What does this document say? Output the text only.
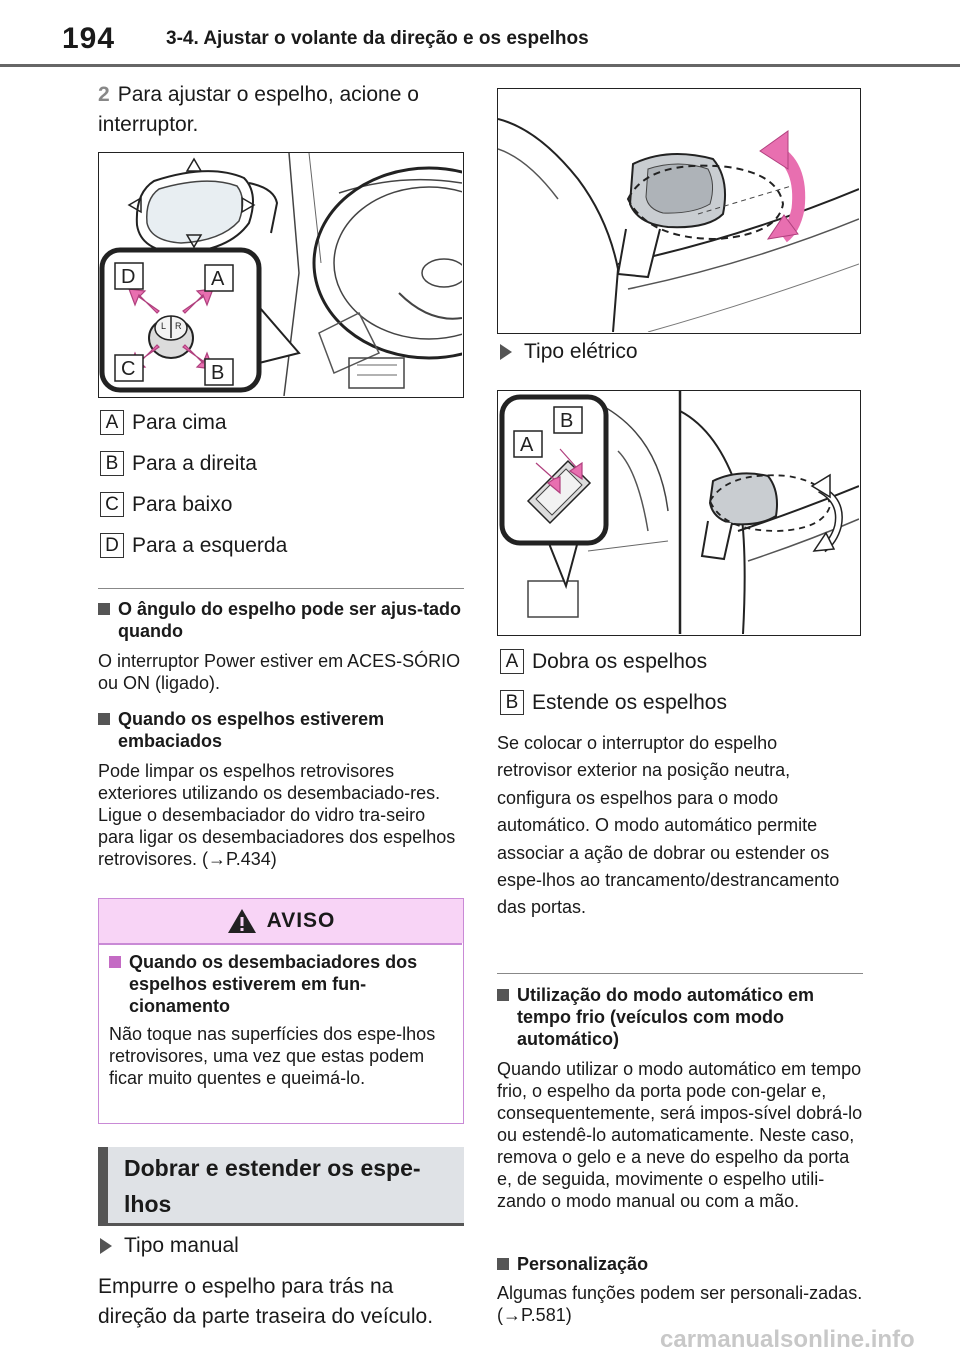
194	3-4. Ajustar o volante da direção e os espelhos
2 Para ajustar o espelho, acione o interruptor.
L R
D	A
C	B
A Para cima
B Para a direita
C Para baixo
D Para a esquerda
O ângulo do espelho pode ser ajus-tado quando
O interruptor Power estiver em ACES-SÓRIO ou ON (ligado).
Quando os espelhos estiverem embaciados
Pode limpar os espelhos retrovisores exteriores utilizando os desembaciado-res. Ligue o desembaciador do vidro tra-seiro para ligar os desembaciadores dos espelhos retrovisores. (→P.434)
AVISO
Quando os desembaciadores dos espelhos estiverem em fun-cionamento
Não toque nas superfícies dos espe-lhos retrovisores, uma vez que estas podem ficar muito quentes e queimá-lo.
Dobrar e estender os espe-lhos
Tipo manual
Empurre o espelho para trás na direção da parte traseira do veículo.
Tipo elétrico
A
B
A Dobra os espelhos
B Estende os espelhos
Se colocar o interruptor do espelho retrovisor exterior na posição neutra, configura os espelhos para o modo automático. O modo automático permite associar a ação de dobrar ou estender os espe-lhos ao trancamento/destrancamento das portas.
Utilização do modo automático em tempo frio (veículos com modo automático)
Quando utilizar o modo automático em tempo frio, o espelho da porta pode con-gelar e, consequentemente, será impos-sível dobrá-lo ou estendê-lo automaticamente. Neste caso, remova o gelo e a neve do espelho da porta e, de seguida, movimente o espelho utili-zando o modo manual ou com a mão.
Personalização
Algumas funções podem ser personali-zadas. (→P.581)
carmanualsonline.info
